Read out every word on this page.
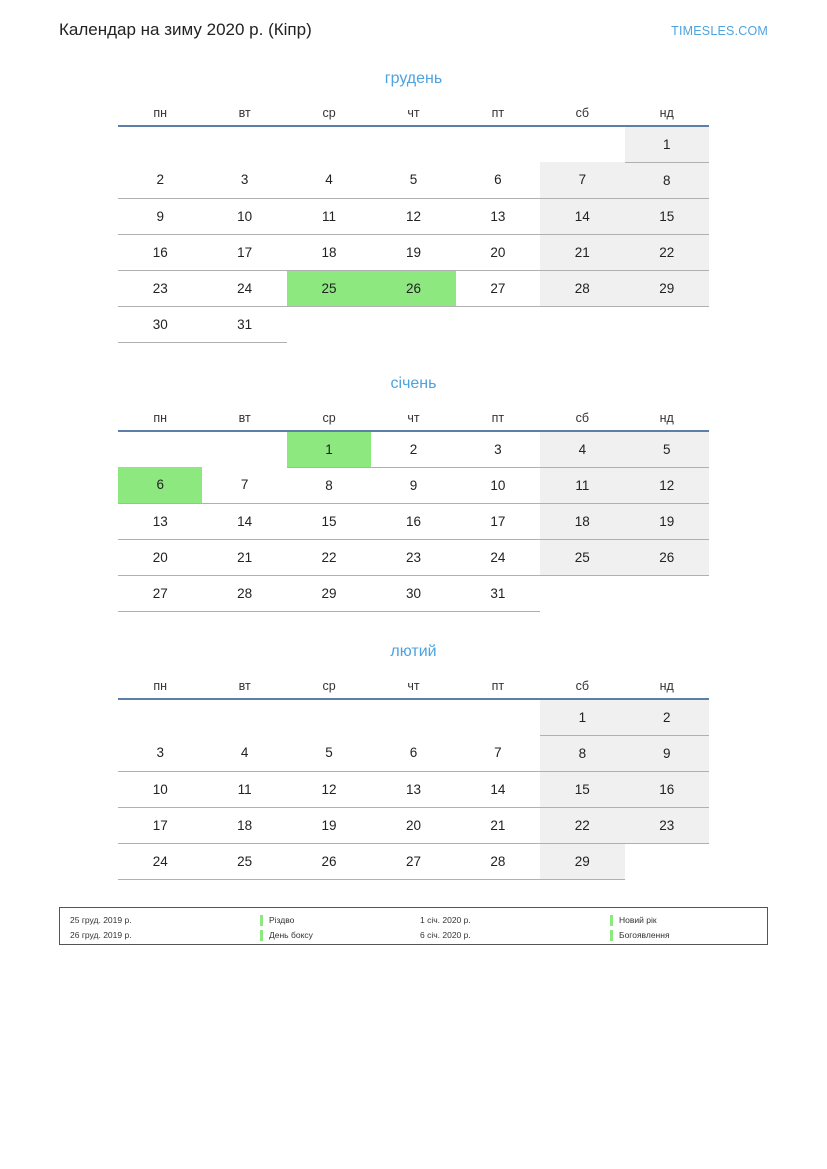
Календар на зиму 2020 р. (Кіпр)	TIMESLES.COM
грудень
пн	вт	ср	чт	пт	сб	нд
						1
2	3	4	5	6	7	8
9	10	11	12	13	14	15
16	17	18	19	20	21	22
23	24	25	26	27	28	29
30	31					
січень
пн	вт	ср	чт	пт	сб	нд
		1	2	3	4	5
6	7	8	9	10	11	12
13	14	15	16	17	18	19
20	21	22	23	24	25	26
27	28	29	30	31		
лютий
пн	вт	ср	чт	пт	сб	нд
					1	2
3	4	5	6	7	8	9
10	11	12	13	14	15	16
17	18	19	20	21	22	23
24	25	26	27	28	29	
25 груд. 2019 р.	Різдво	1 січ. 2020 р.	Новий рік
26 груд. 2019 р.	День боксу	6 січ. 2020 р.	Богоявлення
